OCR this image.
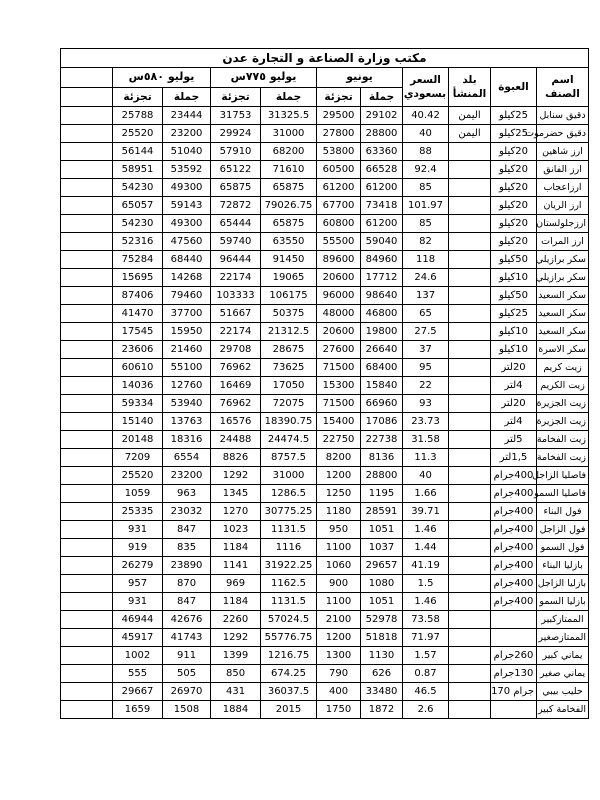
مكتب وزارة الصناعة و التجارة عدن										
اسم الصنف	العبوة	بلد المنشأ	السعر بسعودي	يونيو		يوليو ٧٧٥س		يوليو ٥٨٠س		
				جملة	تجزئة	جملة	تجزئة	جملة	تجزئة	
دقيق سنابل	25كيلو	اليمن	40.42	29102	29500	31325.5	31753	23444	25788	
دقيق حضرموت	25كيلو	اليمن	40	28800	27800	31000	29924	23200	25520	
ارز شاهين	20كيلو		88	63360	53800	68200	57910	51040	56144	
ارز الفانق	20كيلو		92.4	66528	60500	71610	65122	53592	58951	
ارزاعجاب	20كيلو		85	61200	61200	65875	65875	49300	54230	
ارز الريان	20كيلو		101.97	73418	67700	79026.75	72872	59143	65057	
ارزجلولستان	20كيلو		85	61200	60800	65875	65444	49300	54230	
ارز المرات	20كيلو		82	59040	55500	63550	59740	47560	52316	
سكر برازيلي	50كيلو		118	84960	89600	91450	96444	68440	75284	
سكر برازيلي	10كيلو		24.6	17712	20600	19065	22174	14268	15695	
سكر السعيد	50كيلو		137	98640	96000	106175	103333	79460	87406	
سكر السعيد	25كيلو		65	46800	48000	50375	51667	37700	41470	
سكر السعيد	10كيلو		27.5	19800	20600	21312.5	22174	15950	17545	
سكر الاسرة	10كيلو		37	26640	27600	28675	29708	21460	23606	
زيت كريم	20لتر		95	68400	71500	73625	76962	55100	60610	
زيت الكريم	4لتر		22	15840	15300	17050	16469	12760	14036	
زيت الجزيرة	20لتر		93	66960	71500	72075	76962	53940	59334	
زيت الجزيرة	4لتر		23.73	17086	15400	18390.75	16576	13763	15140	
زيت الفخامة	5لتر		31.58	22738	22750	24474.5	24488	18316	20148	
زيت الفخامة	1,5لتر		11.3	8136	8200	8757.5	8826	6554	7209	
فاصليا الزاجل	400جرام		40	28800	1200	31000	1292	23200	25520	
فاصليا السمو	400جرام		1.66	1195	1250	1286.5	1345	963	1059	
فول البناء	400جرام		39.71	28591	1180	30775.25	1270	23032	25335	
فول الزاجل	400جرام		1.46	1051	950	1131.5	1023	847	931	
فول السمو	400جرام		1.44	1037	1100	1116	1184	835	919	
بازليا البناء	400جرام		41.19	29657	1060	31922.25	1141	23890	26279	
بازليا الزاجل	400جرام		1.5	1080	900	1162.5	969	870	957	
بازليا السمو	400جرام		1.46	1051	1100	1131.5	1184	847	931	
الممتازكبير			73.58	52978	2100	57024.5	2260	42676	46944	
الممتازصغير			71.97	51818	1200	55776.75	1292	41743	45917	
يماني كبير	260جرام		1.57	1130	1300	1216.75	1399	911	1002	
يماني صغير	130جرام		0.87	626	790	674.25	850	505	555	
حليب بيبي	جرام 170		46.5	33480	400	36037.5	431	26970	29667	
الفخامة كبير			2.6	1872	1750	2015	1884	1508	1659	
